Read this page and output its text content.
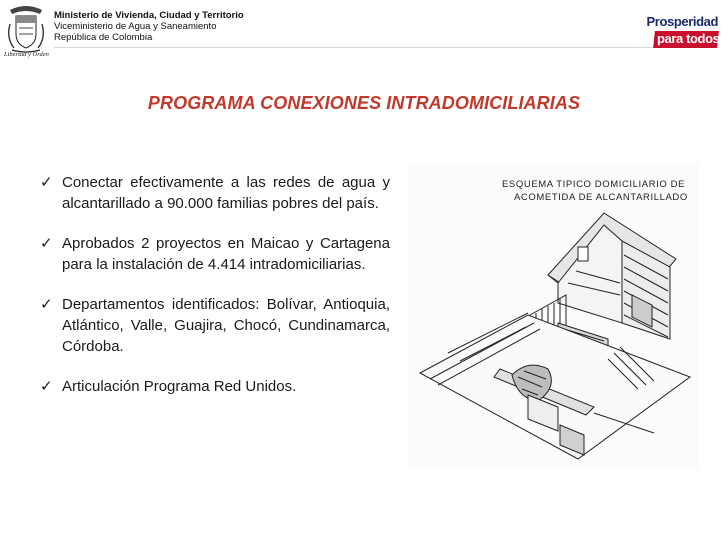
Libertad y Orden
Ministerio de Vivienda, Ciudad y Territorio
Viceministerio de Agua y Saneamiento
República de Colombia
Prosperidad
para todos
PROGRAMA CONEXIONES INTRADOMICILIARIAS
✓ Conectar efectivamente a las redes de agua y alcantarillado a 90.000 familias pobres del país.
✓ Aprobados 2 proyectos en Maicao y Cartagena para la instalación de 4.414 intradomiciliarias.
✓ Departamentos identificados: Bolívar, Antioquia, Atlántico, Valle, Guajira, Chocó, Cundinamarca, Córdoba.
✓ Articulación Programa Red Unidos.
ESQUEMA TIPICO DOMICILIARIO DE
ACOMETIDA DE ALCANTARILLADO
